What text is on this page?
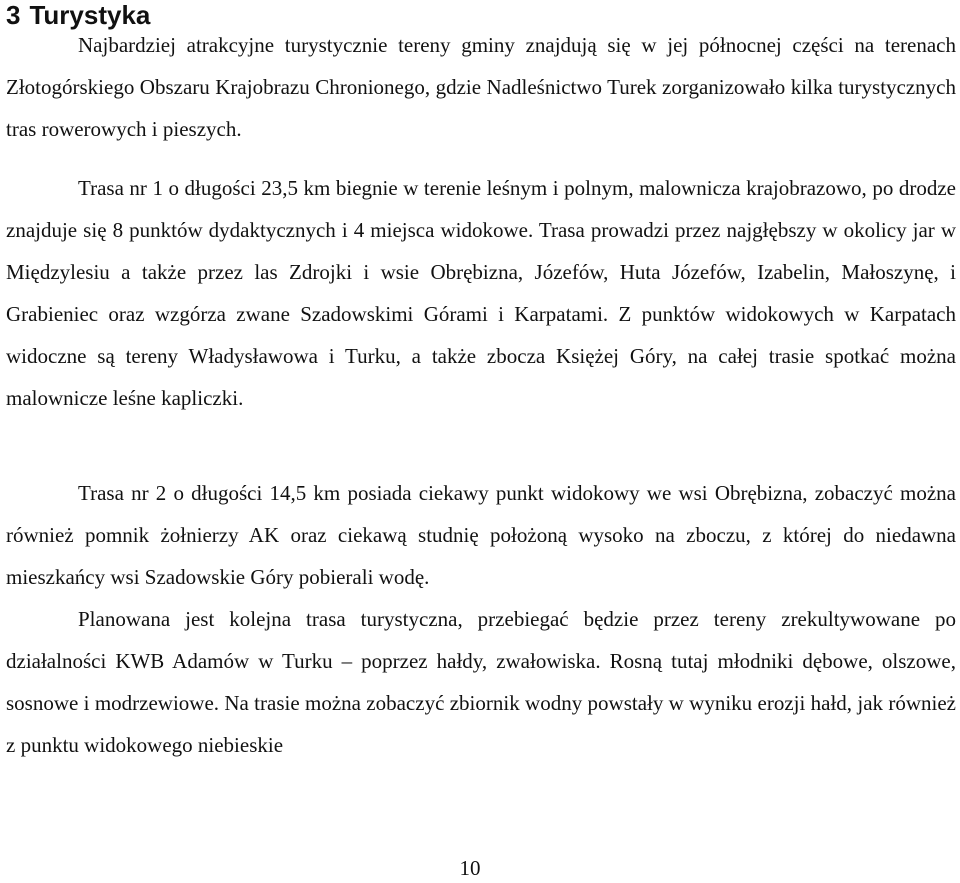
3 Turystyka

Najbardziej atrakcyjne turystycznie tereny gminy znajdują się w jej północnej części na terenach Złotogórskiego Obszaru Krajobrazu Chronionego, gdzie Nadleśnictwo Turek zorganizowało kilka turystycznych tras rowerowych i pieszych.

Trasa nr 1 o długości 23,5 km biegnie w terenie leśnym i polnym, malownicza krajobrazowo, po drodze znajduje się 8 punktów dydaktycznych i 4 miejsca widokowe. Trasa prowadzi przez najgłębszy w okolicy jar w Międzylesiu a także przez las Zdrojki i wsie Obrębizna, Józefów, Huta Józefów, Izabelin, Małoszynę, i Grabieniec oraz wzgórza zwane Szadowskimi Górami i Karpatami. Z punktów widokowych w Karpatach widoczne są tereny Władysławowa i Turku, a także zbocza Księżej Góry, na całej trasie spotkać można malownicze leśne kapliczki.

Trasa nr 2 o długości 14,5 km posiada ciekawy punkt widokowy we wsi Obrębizna, zobaczyć można również pomnik żołnierzy AK oraz ciekawą studnię położoną wysoko na zboczu, z której do niedawna mieszkańcy wsi Szadowskie Góry pobierali wodę.

Planowana jest kolejna trasa turystyczna, przebiegać będzie przez tereny zrekultywowane po działalności KWB Adamów w Turku – poprzez hałdy, zwałowiska. Rosną tutaj młodniki dębowe, olszowe, sosnowe i modrzewiowe. Na trasie można zobaczyć zbiornik wodny powstały w wyniku erozji hałd, jak również z punktu widokowego niebieskie

10
